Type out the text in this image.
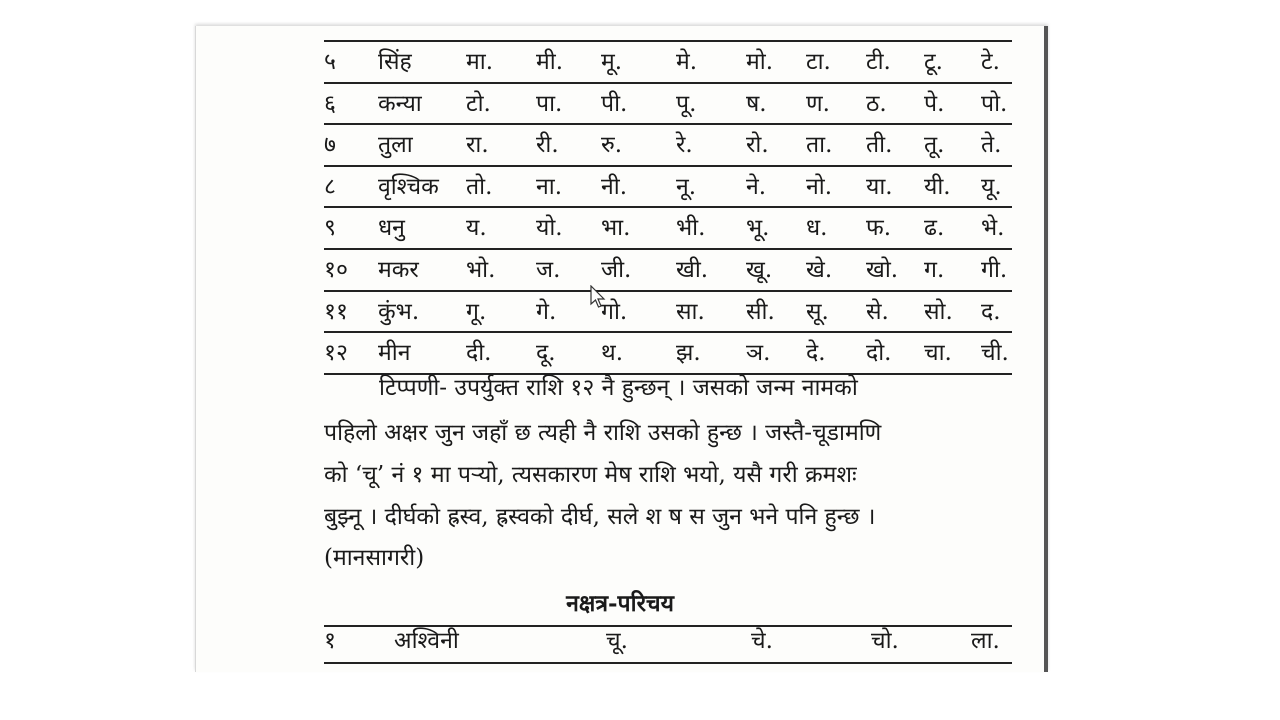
५ सिंह मा. मी. मू. मे. मो. टा. टी. टू. टे.
६ कन्या टो. पा. पी. पू. ष. ण. ठ. पे. पो.
७ तुला रा. री. रु. रे. रो. ता. ती. तू. ते.
८ वृश्चिक तो. ना. नी. नू. ने. नो. या. यी. यू.
९ धनु	य. यो. भा. भी. भू. ध. फ. ढ. भे.
१० मकर भो. ज. जी. खी. खू. खे. खो. ग. गी.
११ कुंभ. गू. गे. गो. सा. सी. सू. से. सो. द.
१२ मीन दी. दू. थ. झ. ञ. दे. दो. चा. ची.
टिप्पणी- उपर्युक्त राशि १२ नै हुन्छन् । जसको जन्म नामको
पहिलो अक्षर जुन जहाँ छ त्यही नै राशि उसको हुन्छ । जस्तै-चूडामणि
को ‘चू’ नं १ मा पऱ्यो, त्यसकारण मेष राशि भयो, यसै गरी क्रमशः
बुझ्नू । दीर्घको ह्रस्व, ह्रस्वको दीर्घ, सले श ष स जुन भने पनि हुन्छ ।
(मानसागरी)
नक्षत्र-परिचय
१	अश्विनी	चू.	चे.	चो.	ला.
